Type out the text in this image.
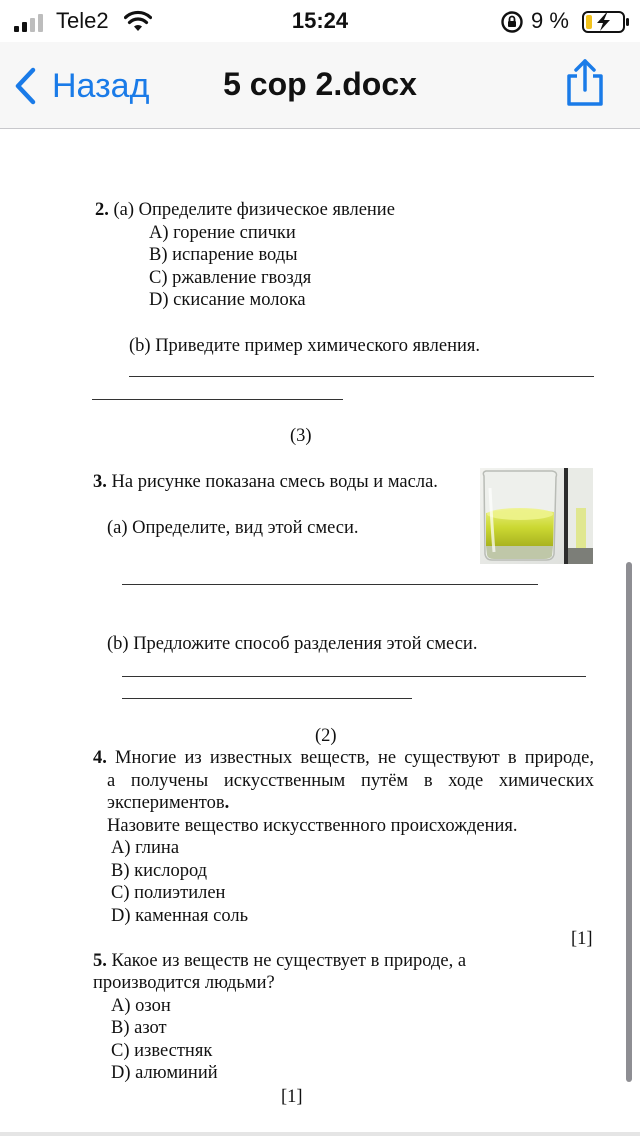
Tele2	15:24	9 %
Назад	5 сор 2.docx
2. (a) Определите физическое явление
A) горение спички
B) испарение воды
C) ржавление гвоздя
D) скисание молока
(b) Приведите пример химического явления.
(3)
3. На рисунке показана смесь воды и масла.
(a) Определите, вид этой смеси.
(b) Предложите способ разделения этой смеси.
(2)
4. Многие из известных веществ, не существуют в природе,
а получены искусственным путём в ходе химических
экспериментов.
Назовите вещество искусственного происхождения.
A) глина
B) кислород
C) полиэтилен
D) каменная соль
[1]
5. Какое из веществ не существует в природе, а
производится людьми?
A) озон
B) азот
C) известняк
D) алюминий
[1]
